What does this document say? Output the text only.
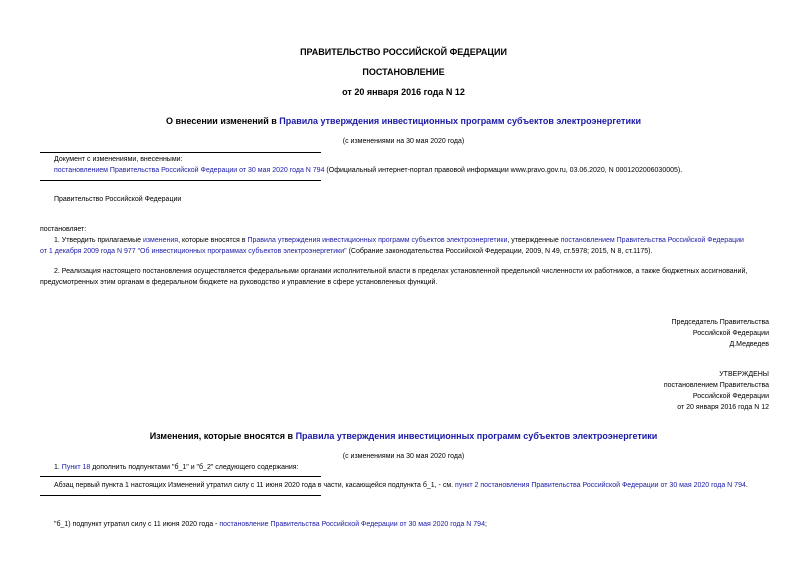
ПРАВИТЕЛЬСТВО РОССИЙСКОЙ ФЕДЕРАЦИИ
ПОСТАНОВЛЕНИЕ
от 20 января 2016 года N 12
О внесении изменений в Правила утверждения инвестиционных программ субъектов электроэнергетики
(с изменениями на 30 мая 2020 года)
Документ с изменениями, внесенными:
постановлением Правительства Российской Федерации от 30 мая 2020 года N 794 (Официальный интернет-портал правовой информации www.pravo.gov.ru, 03.06.2020, N 0001202006030005).
Правительство Российской Федерации
постановляет:
1. Утвердить прилагаемые изменения, которые вносятся в Правила утверждения инвестиционных программ субъектов электроэнергетики, утвержденные постановлением Правительства Российской Федерации
от 1 декабря 2009 года N 977 "Об инвестиционных программах субъектов электроэнергетики" (Собрание законодательства Российской Федерации, 2009, N 49, ст.5978; 2015, N 8, ст.1175).
2. Реализация настоящего постановления осуществляется федеральными органами исполнительной власти в пределах установленной предельной численности их работников, а также бюджетных ассигнований,
предусмотренных этим органам в федеральном бюджете на руководство и управление в сфере установленных функций.
Председатель Правительства
Российской Федерации
Д.Медведев
УТВЕРЖДЕНЫ
постановлением Правительства
Российской Федерации
от 20 января 2016 года N 12
Изменения, которые вносятся в Правила утверждения инвестиционных программ субъектов электроэнергетики
(с изменениями на 30 мая 2020 года)
1. Пункт 18 дополнить подпунктами "б_1" и "б_2" следующего содержания:
Абзац первый пункта 1 настоящих Изменений утратил силу с 11 июня 2020 года в части, касающейся подпункта б_1, - см. пункт 2 постановления Правительства Российской Федерации от 30 мая 2020 года N 794.
"б_1) подпункт утратил силу с 11 июня 2020 года - постановление Правительства Российской Федерации от 30 мая 2020 года N 794;
